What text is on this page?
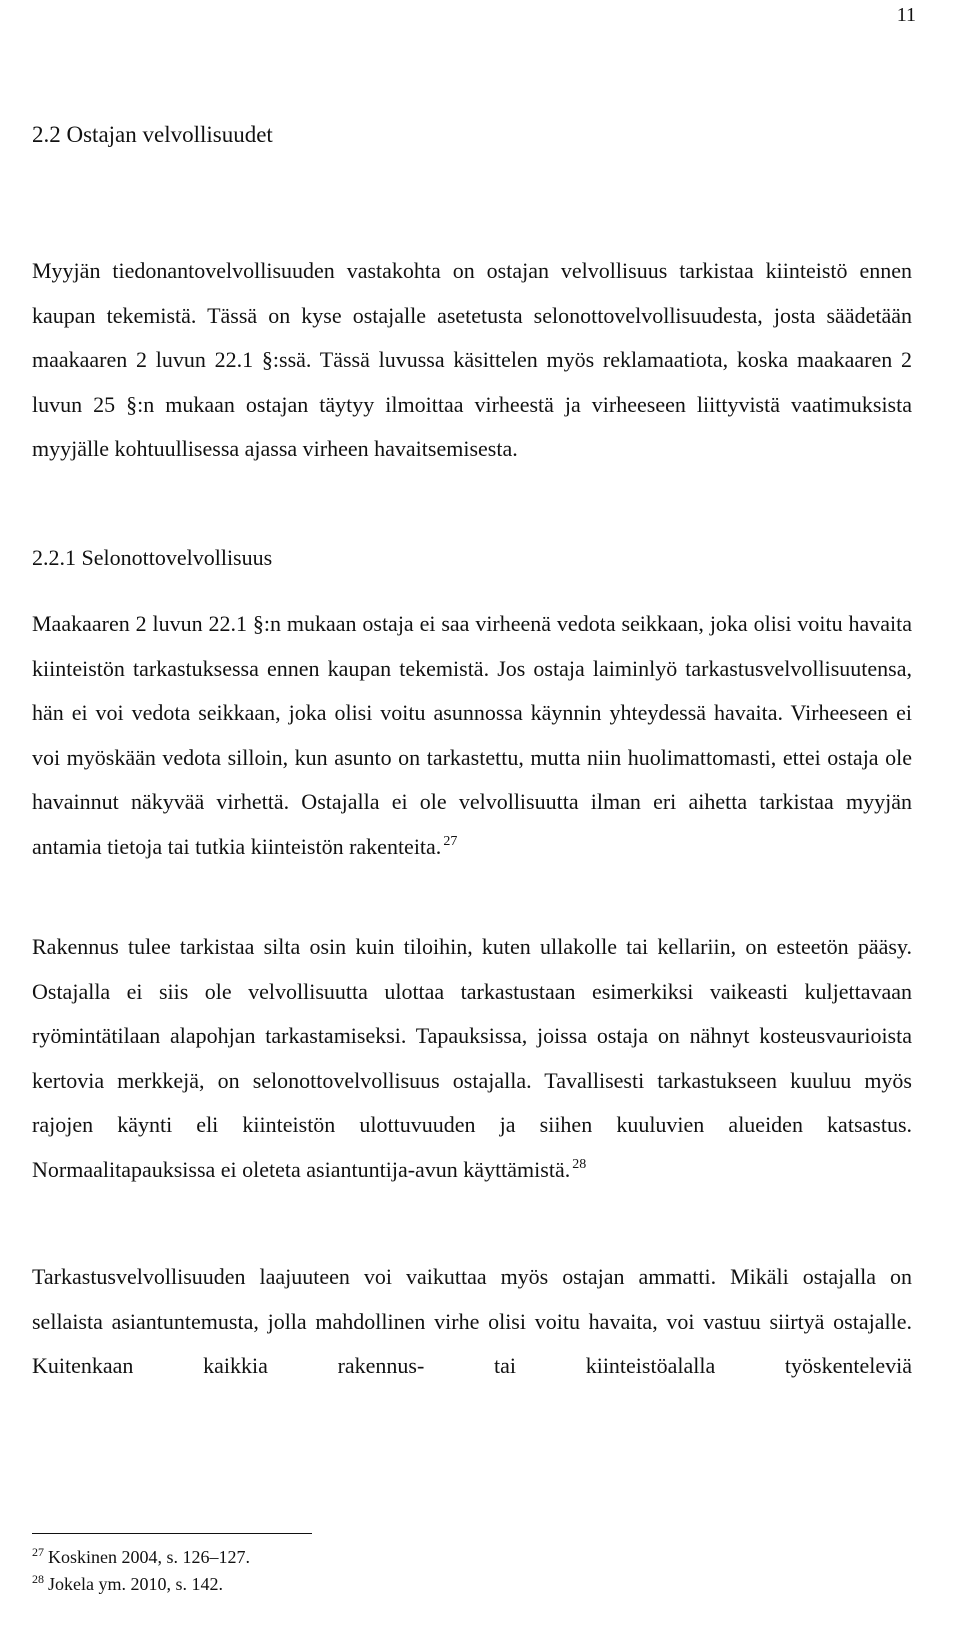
11
2.2 Ostajan velvollisuudet

Myyjän tiedonantovelvollisuuden vastakohta on ostajan velvollisuus tarkistaa kiinteistö ennen kaupan tekemistä. Tässä on kyse ostajalle asetetusta selonottovelvollisuudesta, josta säädetään maakaaren 2 luvun 22.1 §:ssä. Tässä luvussa käsittelen myös reklamaatiota, koska maakaaren 2 luvun 25 §:n mukaan ostajan täytyy ilmoittaa virheestä ja virheeseen liittyvistä vaatimuksista myyjälle kohtuullisessa ajassa virheen havaitsemisesta.

2.2.1 Selonottovelvollisuus

Maakaaren 2 luvun 22.1 §:n mukaan ostaja ei saa virheenä vedota seikkaan, joka olisi voitu havaita kiinteistön tarkastuksessa ennen kaupan tekemistä. Jos ostaja laiminlyö tarkastusvelvollisuutensa, hän ei voi vedota seikkaan, joka olisi voitu asunnossa käynnin yhteydessä havaita. Virheeseen ei voi myöskään vedota silloin, kun asunto on tarkastettu, mutta niin huolimattomasti, ettei ostaja ole havainnut näkyvää virhettä. Ostajalla ei ole velvollisuutta ilman eri aihetta tarkistaa myyjän antamia tietoja tai tutkia kiinteistön rakenteita. $^{27}$

Rakennus tulee tarkistaa silta osin kuin tiloihin, kuten ullakolle tai kellariin, on esteetön pääsy. Ostajalla ei siis ole velvollisuutta ulottaa tarkastustaan esimerkiksi vaikeasti kuljettavaan ryömintätilaan alapohjan tarkastamiseksi. Tapauksissa, joissa ostaja on nähnyt kosteusvaurioista kertovia merkkejä, on selonottovelvollisuus ostajalla. Tavallisesti tarkastukseen kuuluu myös rajojen käynti eli kiinteistön ulottuvuuden ja siihen kuuluvien alueiden katsastus. Normaalitapauksissa ei oleteta asiantuntija-avun käyttämistä. $^{28}$

Tarkastusvelvollisuuden laajuuteen voi vaikuttaa myös ostajan ammatti. Mikäli ostajalla on sellaista asiantuntemusta, jolla mahdollinen virhe olisi voitu havaita, voi vastuu siirtyä ostajalle. Kuitenkaan kaikkia rakennus- tai kiinteistöalalla työskenteleviä

$^{27}$ Koskinen 2004, s. 126–127.

$^{28}$ Jokela ym. 2010, s. 142.
